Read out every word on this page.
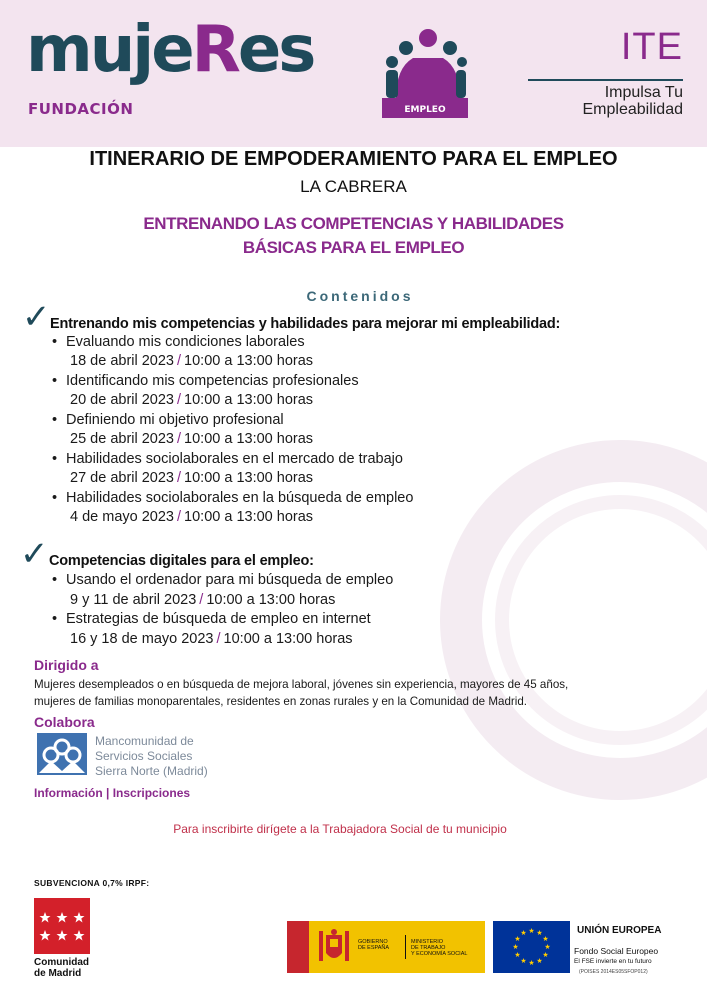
mujeRes
FUNDACIÓN	EMPLEO
ITE
Impulsa Tu
Empleabilidad
ITINERARIO DE EMPODERAMIENTO PARA EL EMPLEO
LA CABRERA
ENTRENANDO LAS COMPETENCIAS Y HABILIDADES
BÁSICAS PARA EL EMPLEO
Contenidos
✓ Entrenando mis competencias y habilidades para mejorar mi empleabilidad:
• Evaluando mis condiciones laborales
18 de abril 2023 / 10:00 a 13:00 horas
• Identificando mis competencias profesionales
20 de abril 2023 / 10:00 a 13:00 horas
• Definiendo mi objetivo profesional
25 de abril 2023 / 10:00 a 13:00 horas
• Habilidades sociolaborales en el mercado de trabajo
27 de abril 2023 / 10:00 a 13:00 horas
• Habilidades sociolaborales en la búsqueda de empleo
4 de mayo 2023 / 10:00 a 13:00 horas
✓ Competencias digitales para el empleo:
• Usando el ordenador para mi búsqueda de empleo
9 y 11 de abril 2023 / 10:00 a 13:00 horas
• Estrategias de búsqueda de empleo en internet
16 y 18 de mayo 2023 / 10:00 a 13:00 horas
Dirigido a
Mujeres desempleados o en búsqueda de mejora laboral, jóvenes sin experiencia, mayores de 45 años,
mujeres de familias monoparentales, residentes en zonas rurales y en la Comunidad de Madrid.
Colabora
Mancomunidad de
Servicios Sociales
Sierra Norte (Madrid)
Información | Inscripciones
Para inscribirte dirígete a la Trabajadora Social de tu municipio
SUBVENCIONA 0,7% IRPF:
Comunidad
de Madrid
GOBIERNO
DE ESPAÑA
MINISTERIO
DE TRABAJO
Y ECONOMÍA SOCIAL
★ ★
★
★
★
★
★
★
★
★
★
★	UNIÓN EUROPEA
Fondo Social Europeo
El FSE invierte en tu futuro
(POISES 2014ES05SFOP012)
